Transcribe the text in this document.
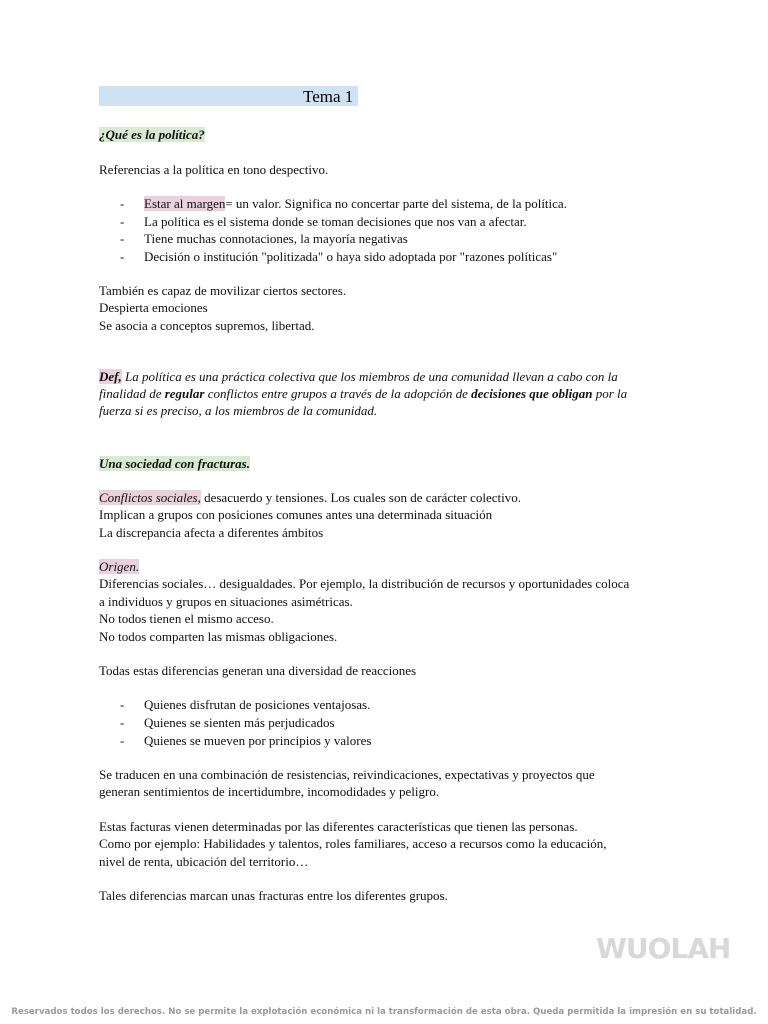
Tema 1
¿Qué es la política?
Referencias a la política en tono despectivo.
- Estar al margen= un valor. Significa no concertar parte del sistema, de la política.
- La política es el sistema donde se toman decisiones que nos van a afectar.
- Tiene muchas connotaciones, la mayoría negativas
- Decisión o institución "politizada" o haya sido adoptada por "razones políticas"
También es capaz de movilizar ciertos sectores.
Despierta emociones
Se asocia a conceptos supremos, libertad.
Def, La política es una práctica colectiva que los miembros de una comunidad llevan a cabo con la
finalidad de regular conflictos entre grupos a través de la adopción de decisiones que obligan por la
fuerza si es preciso, a los miembros de la comunidad.
Una sociedad con fracturas.
Conflictos sociales, desacuerdo y tensiones. Los cuales son de carácter colectivo.
Implican a grupos con posiciones comunes antes una determinada situación
La discrepancia afecta a diferentes ámbitos
Origen.
Diferencias sociales… desigualdades. Por ejemplo, la distribución de recursos y oportunidades coloca
a individuos y grupos en situaciones asimétricas.
No todos tienen el mismo acceso.
No todos comparten las mismas obligaciones.
Todas estas diferencias generan una diversidad de reacciones
- Quienes disfrutan de posiciones ventajosas.
- Quienes se sienten más perjudicados
- Quienes se mueven por principios y valores
Se traducen en una combinación de resistencias, reivindicaciones, expectativas y proyectos que
generan sentimientos de incertidumbre, incomodidades y peligro.
Estas facturas vienen determinadas por las diferentes características que tienen las personas.
Como por ejemplo: Habilidades y talentos, roles familiares, acceso a recursos como la educación,
nivel de renta, ubicación del territorio…
Tales diferencias marcan unas fracturas entre los diferentes grupos.
WUOLAH
Reservados todos los derechos. No se permite la explotación económica ni la transformación de esta obra. Queda permitida la impresión en su totalidad.
